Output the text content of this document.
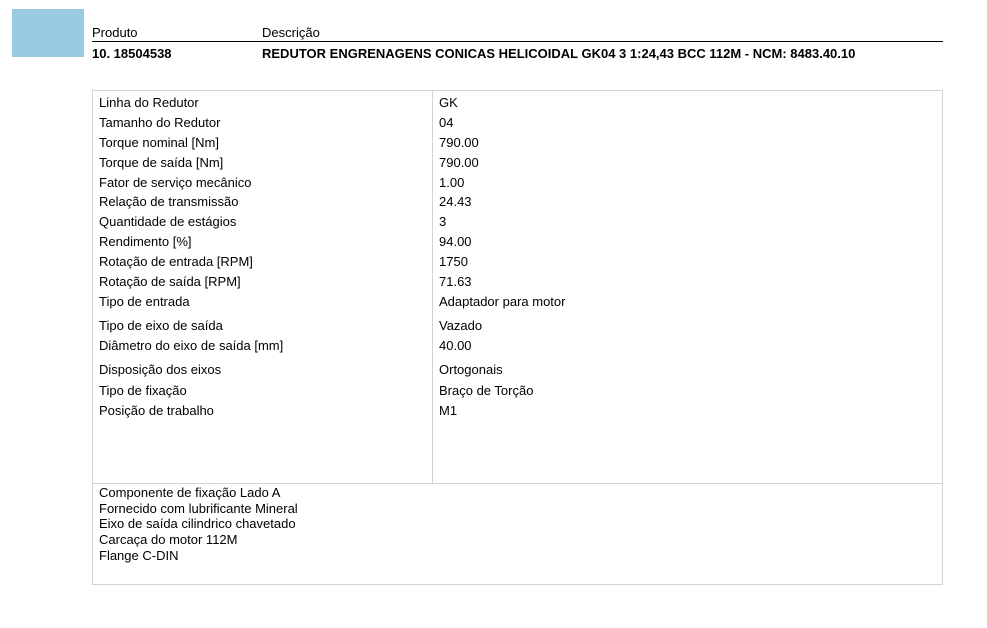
Produto	Descrição
10. 18504538	REDUTOR ENGRENAGENS CONICAS HELICOIDAL GK04 3 1:24,43 BCC 112M - NCM: 8483.40.10
Linha do Redutor	GK
Tamanho do Redutor	04
Torque nominal [Nm]	790.00
Torque de saída [Nm]	790.00
Fator de serviço mecânico	1.00
Relação de transmissão	24.43
Quantidade de estágios	3
Rendimento [%]	94.00
Rotação de entrada [RPM]	1750
Rotação de saída [RPM]	71.63
Tipo de entrada	Adaptador para motor
Tipo de eixo de saída	Vazado
Diâmetro do eixo de saída [mm]	40.00
Disposição dos eixos	Ortogonais
Tipo de fixação	Braço de Torção
Posição de trabalho	M1
Componente de fixação Lado A
Fornecido com lubrificante Mineral
Eixo de saída cilindrico chavetado
Carcaça do motor 112M
Flange C-DIN
